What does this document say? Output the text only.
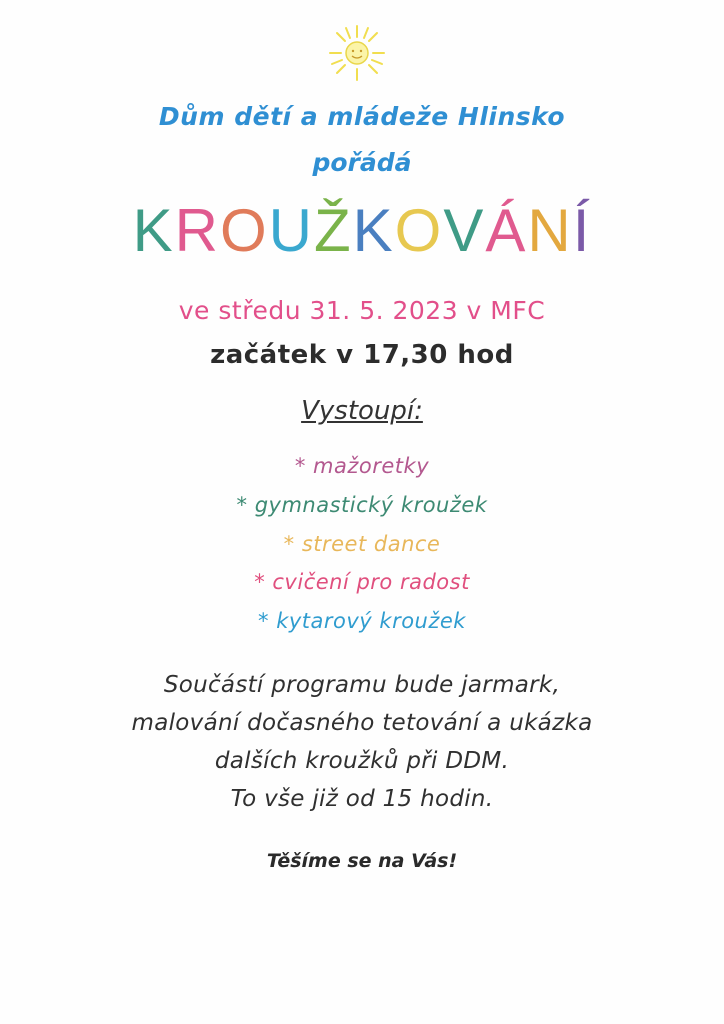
Dům dětí a mládeže Hlinsko
pořádá
KROUŽKOVÁNÍ
ve středu 31. 5. 2023 v MFC
začátek v 17,30 hod
Vystoupí:
* mažoretky
* gymnastický kroužek
* street dance
* cvičení pro radost
* kytarový kroužek
Součástí programu bude jarmark,
malování dočasného tetování a ukázka
dalších kroužků při DDM.
To vše již od 15 hodin.
Těšíme se na Vás!
